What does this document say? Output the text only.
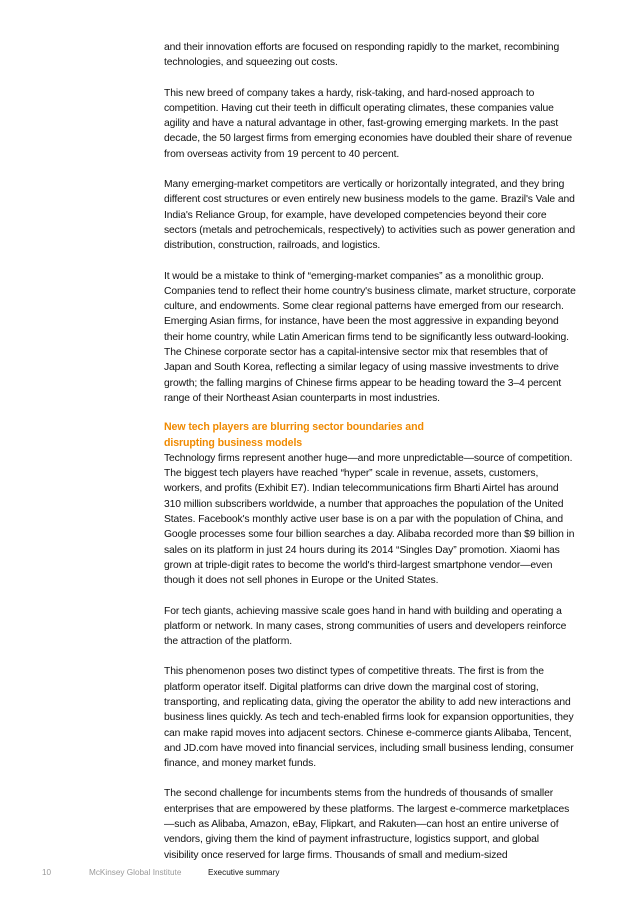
and their innovation efforts are focused on responding rapidly to the market, recombining technologies, and squeezing out costs.

This new breed of company takes a hardy, risk-taking, and hard-nosed approach to competition. Having cut their teeth in difficult operating climates, these companies value agility and have a natural advantage in other, fast-growing emerging markets. In the past decade, the 50 largest firms from emerging economies have doubled their share of revenue from overseas activity from 19 percent to 40 percent.

Many emerging-market competitors are vertically or horizontally integrated, and they bring different cost structures or even entirely new business models to the game. Brazil's Vale and India's Reliance Group, for example, have developed competencies beyond their core sectors (metals and petrochemicals, respectively) to activities such as power generation and distribution, construction, railroads, and logistics.

It would be a mistake to think of “emerging-market companies” as a monolithic group. Companies tend to reflect their home country's business climate, market structure, corporate culture, and endowments. Some clear regional patterns have emerged from our research. Emerging Asian firms, for instance, have been the most aggressive in expanding beyond their home country, while Latin American firms tend to be significantly less outward-looking. The Chinese corporate sector has a capital-intensive sector mix that resembles that of Japan and South Korea, reflecting a similar legacy of using massive investments to drive growth; the falling margins of Chinese firms appear to be heading toward the 3–4 percent range of their Northeast Asian counterparts in most industries.

New tech players are blurring sector boundaries and
disrupting business models

Technology firms represent another huge—and more unpredictable—source of competition. The biggest tech players have reached “hyper” scale in revenue, assets, customers, workers, and profits (Exhibit E7). Indian telecommunications firm Bharti Airtel has around 310 million subscribers worldwide, a number that approaches the population of the United States. Facebook's monthly active user base is on a par with the population of China, and Google processes some four billion searches a day. Alibaba recorded more than $9 billion in sales on its platform in just 24 hours during its 2014 “Singles Day” promotion. Xiaomi has grown at triple-digit rates to become the world's third-largest smartphone vendor—even though it does not sell phones in Europe or the United States.

For tech giants, achieving massive scale goes hand in hand with building and operating a platform or network. In many cases, strong communities of users and developers reinforce the attraction of the platform.

This phenomenon poses two distinct types of competitive threats. The first is from the platform operator itself. Digital platforms can drive down the marginal cost of storing, transporting, and replicating data, giving the operator the ability to add new interactions and business lines quickly. As tech and tech-enabled firms look for expansion opportunities, they can make rapid moves into adjacent sectors. Chinese e-commerce giants Alibaba, Tencent, and JD.com have moved into financial services, including small business lending, consumer finance, and money market funds.

The second challenge for incumbents stems from the hundreds of thousands of smaller enterprises that are empowered by these platforms. The largest e-commerce marketplaces—such as Alibaba, Amazon, eBay, Flipkart, and Rakuten—can host an entire universe of vendors, giving them the kind of payment infrastructure, logistics support, and global visibility once reserved for large firms. Thousands of small and medium-sized

10	McKinsey Global Institute	Executive summary
